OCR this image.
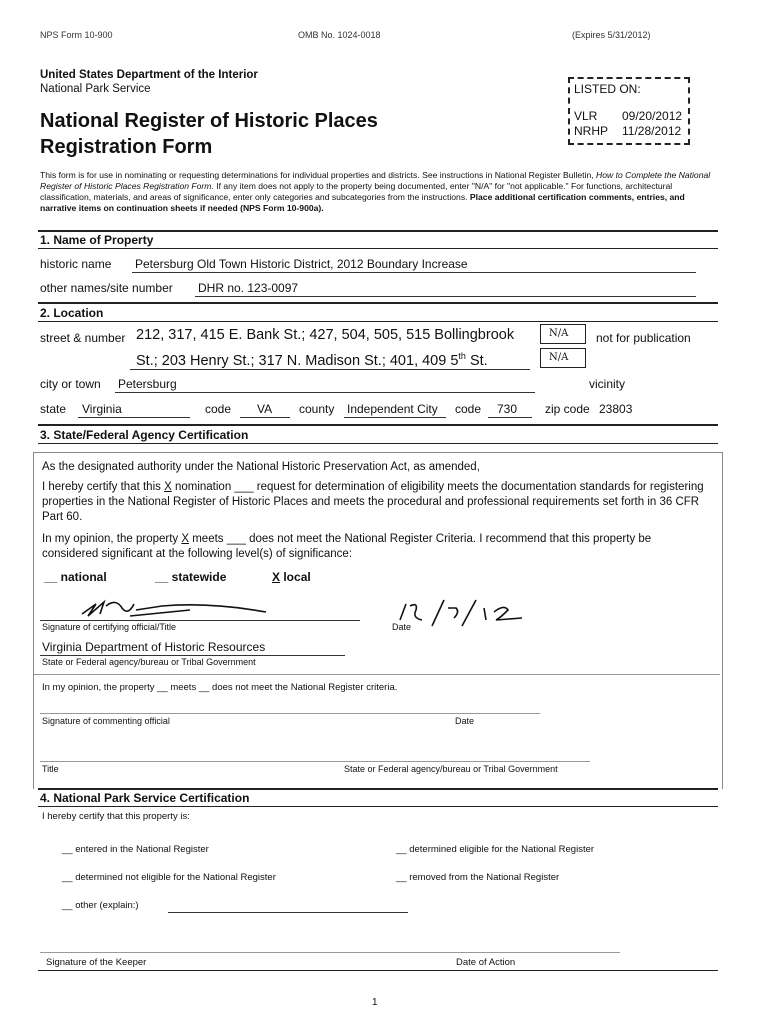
NPS Form 10-900	OMB No. 1024-0018	(Expires 5/31/2012)
United States Department of the Interior
National Park Service
National Register of Historic Places
Registration Form
LISTED ON:
VLR 09/20/2012
NRHP 11/28/2012
This form is for use in nominating or requesting determinations for individual properties and districts. See instructions in National Register Bulletin, How to Complete the National Register of Historic Places Registration Form. If any item does not apply to the property being documented, enter "N/A" for "not applicable." For functions, architectural classification, materials, and areas of significance, enter only categories and subcategories from the instructions. Place additional certification comments, entries, and narrative items on continuation sheets if needed (NPS Form 10-900a).
1. Name of Property
historic name Petersburg Old Town Historic District, 2012 Boundary Increase
other names/site number DHR no. 123-0097
2. Location
street & number 212, 317, 415 E. Bank St.; 427, 504, 505, 515 Bollingbrook
St.; 203 Henry St.; 317 N. Madison St.; 401, 409 5th St.
N/A
N/A
not for publication
city or town Petersburg	vicinity
state Virginia	code VA county Independent City code 730 zip code 23803
3. State/Federal Agency Certification
As the designated authority under the National Historic Preservation Act, as amended,
I hereby certify that this X nomination ___ request for determination of eligibility meets the documentation standards for registering properties in the National Register of Historic Places and meets the procedural and professional requirements set forth in 36 CFR Part 60.
In my opinion, the property X meets ___ does not meet the National Register Criteria. I recommend that this property be considered significant at the following level(s) of significance:
__ national	__ statewide	X local
Signature of certifying official/Title	Date
Virginia Department of Historic Resources
State or Federal agency/bureau or Tribal Government
In my opinion, the property __ meets __ does not meet the National Register criteria.
Signature of commenting official	Date
Title	State or Federal agency/bureau or Tribal Government
4. National Park Service Certification
I hereby certify that this property is:
__ entered in the National Register	__ determined eligible for the National Register
__ determined not eligible for the National Register	__ removed from the National Register
__ other (explain:)
Signature of the Keeper	Date of Action
1
